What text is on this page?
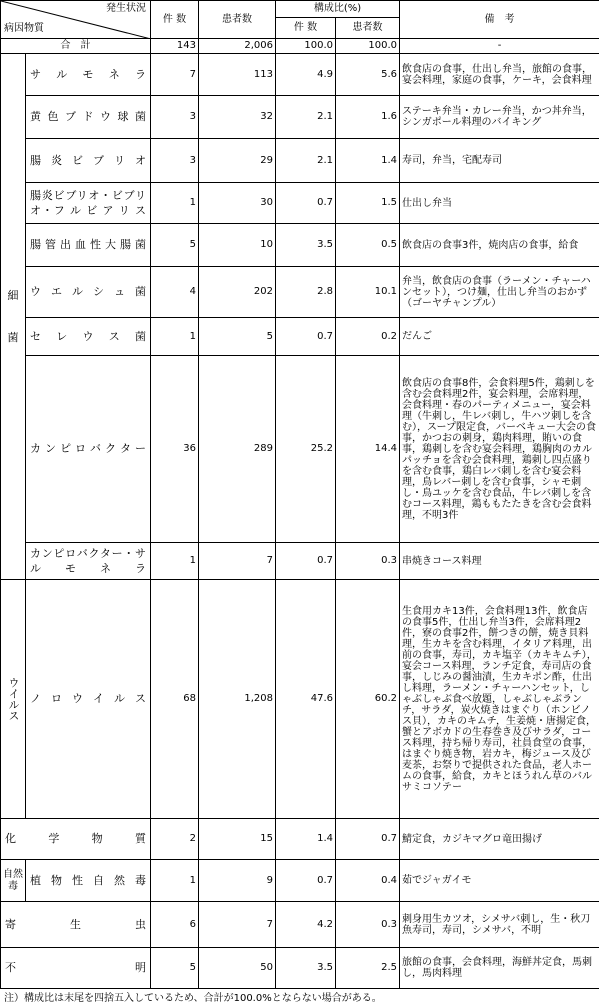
発生状況
病因物質		件 数	患者数	構成比(%)		備　考
				件 数	患者数	
合　計		143	2,006	100.0	100.0	-
細

菌	サ ル モ ネ ラ	7	113	4.9	5.6	飲食店の食事，仕出し弁当，旅館の食事，宴会料理，家庭の食事，ケーキ，会食料理
	黄 色 ブ ド ウ 球 菌	3	32	2.1	1.6	ステーキ弁当・カレー弁当，かつ丼弁当，シンガポール料理のバイキング
	腸 炎 ビ ブ リ オ	3	29	2.1	1.4	寿司，弁当，宅配寿司
	腸炎ビブリオ・ビブリオ・フ ル ビ ア リ ス	1	30	0.7	1.5	仕出し弁当
	腸 管 出 血 性 大 腸 菌	5	10	3.5	0.5	飲食店の食事3件，焼肉店の食事，給食
	ウ エ ル シ ュ 菌	4	202	2.8	10.1	弁当，飲食店の食事（ラーメン・チャーハンセット），つけ麺，仕出し弁当のおかず（ゴーヤチャンプル）
	セ レ ウ ス 菌	1	5	0.7	0.2	だんご
	カ ン ピ ロ バ ク タ ー	36	289	25.2	14.4	飲食店の食事8件，会食料理5件，鶏刺しを含む会食料理2件，宴会料理，会席料理，会食料理・春のパーティメニュー，宴会料理（牛刺し，牛レバ刺し，牛ハツ刺しを含む），スープ限定食，バーベキュー大会の食事，かつおの刺身，鶏肉料理，賄いの食事，鶏刺しを含む宴会料理，鶏胸肉のカルパッチョを含む会食料理，鶏刺し四点盛りを含む食事，鶏白レバ刺しを含む宴会料理，鳥レバー刺しを含む食事，シャモ刺し・鳥ユッケを含む食品，牛レバ刺しを含むコース料理，鶏ももたたきを含む会食料理，不明3件
	カンピロバクター・サ ル モ ネ ラ	1	7	0.7	0.3	串焼きコース料理
ウイルス	ノ ロ ウ イ ル ス	68	1,208	47.6	60.2	生食用カキ13件，会食料理13件，飲食店の食事5件，仕出し弁当3件，会席料理2件，寮の食事2件，餅つきの餅，焼き貝料理，生カキを含む料理，イタリア料理，出前の食事，寿司，カキ塩辛（カキキムチ），宴会コース料理，ランチ定食，寿司店の食事，しじみの醤油漬，生カキポン酢，仕出し料理，ラーメン・チャーハンセット，しゃぶしゃぶ食べ放題，しゃぶしゃぶランチ，サラダ，炭火焼きはまぐり（ホンビノス貝），カキのキムチ，生姜焼・唐揚定食，蟹とアボカドの生春巻き及びサラダ，コース料理，持ち帰り寿司，社員食堂の食事，はまぐり焼き物，岩カキ，梅ジュース及び麦茶，お祭りで提供された食品，老人ホームの食事，給食，カキとほうれん草のバルサミコソテー
化　　学　　物　　質		2	15	1.4	0.7	鯖定食，カジキマグロ竜田揚げ
自然毒	植 物 性 自 然 毒	1	9	0.7	0.4	茹でジャガイモ
寄　　　生　　　虫		6	7	4.2	0.3	刺身用生カツオ，シメサバ刺し，生・秋刀魚寿司，寿司，シメサバ，不明
不　　　　　　　明		5	50	3.5	2.5	旅館の食事，会食料理，海鮮丼定食，馬刺し，馬肉料理
注）構成比は末尾を四捨五入しているため、合計が100.0%とならない場合がある。
